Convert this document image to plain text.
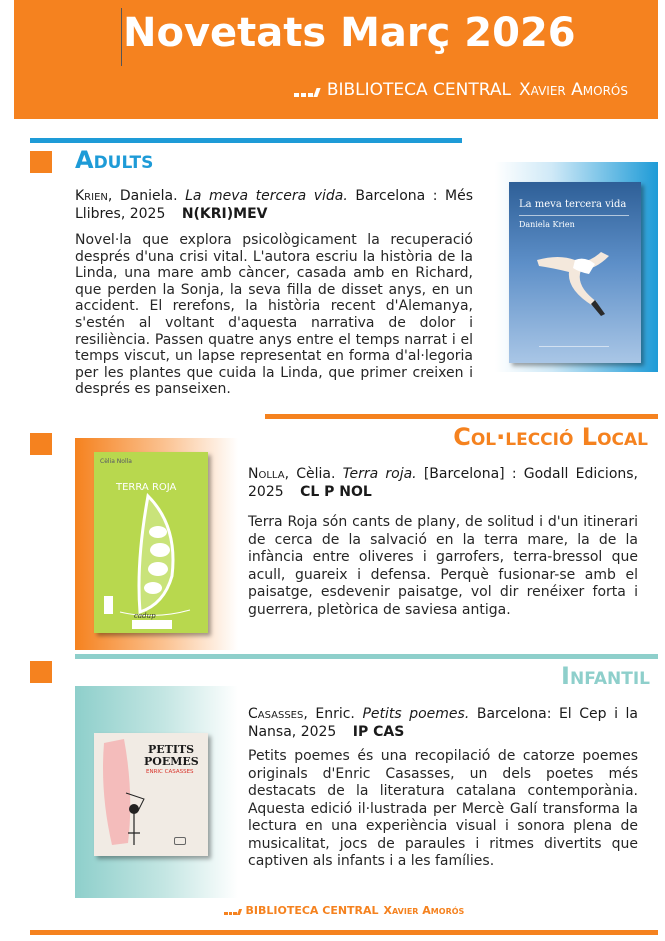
Novetats Març 2026
BIBLIOTECA CENTRAL Xavier Amorós
Adults
Krien, Daniela. La meva tercera vida. Barcelona : Més Llibres, 2025 N(KRI)MEV
Novel·la que explora psicològicament la recuperació després d'una crisi vital. L'autora escriu la història de la Linda, una mare amb càncer, casada amb en Richard, que perden la Sonja, la seva filla de disset anys, en un accident. El rerefons, la història recent d'Alemanya, s'estén al voltant d'aquesta narrativa de dolor i resiliència. Passen quatre anys entre el temps narrat i el temps viscut, un lapse representat en forma d'al·legoria per les plantes que cuida la Linda, que primer creixen i després es panseixen.
La meva tercera vida
Daniela Krien
Col·lecció Local
Cèlia Nolla
TERRA ROJA
cadup
Nolla, Cèlia. Terra roja. [Barcelona] : Godall Edicions, 2025 CL P NOL
Terra Roja són cants de plany, de solitud i d'un itinerari de cerca de la salvació en la terra mare, la de la infància entre oliveres i garrofers, terra-bressol que acull, guareix i defensa. Perquè fusionar-se amb el paisatge, esdevenir paisatge, vol dir renéixer forta i guerrera, pletòrica de saviesa antiga.
Infantil
PETITS
POEMES
ENRIC CASASSES
Casasses, Enric. Petits poemes. Barcelona: El Cep i la Nansa, 2025 IP CAS
Petits poemes és una recopilació de catorze poemes originals d'Enric Casasses, un dels poetes més destacats de la literatura catalana contemporània. Aquesta edició il·lustrada per Mercè Galí transforma la lectura en una experiència visual i sonora plena de musicalitat, jocs de paraules i ritmes divertits que captiven als infants i a les famílies.
BIBLIOTECA CENTRAL Xavier Amorós
